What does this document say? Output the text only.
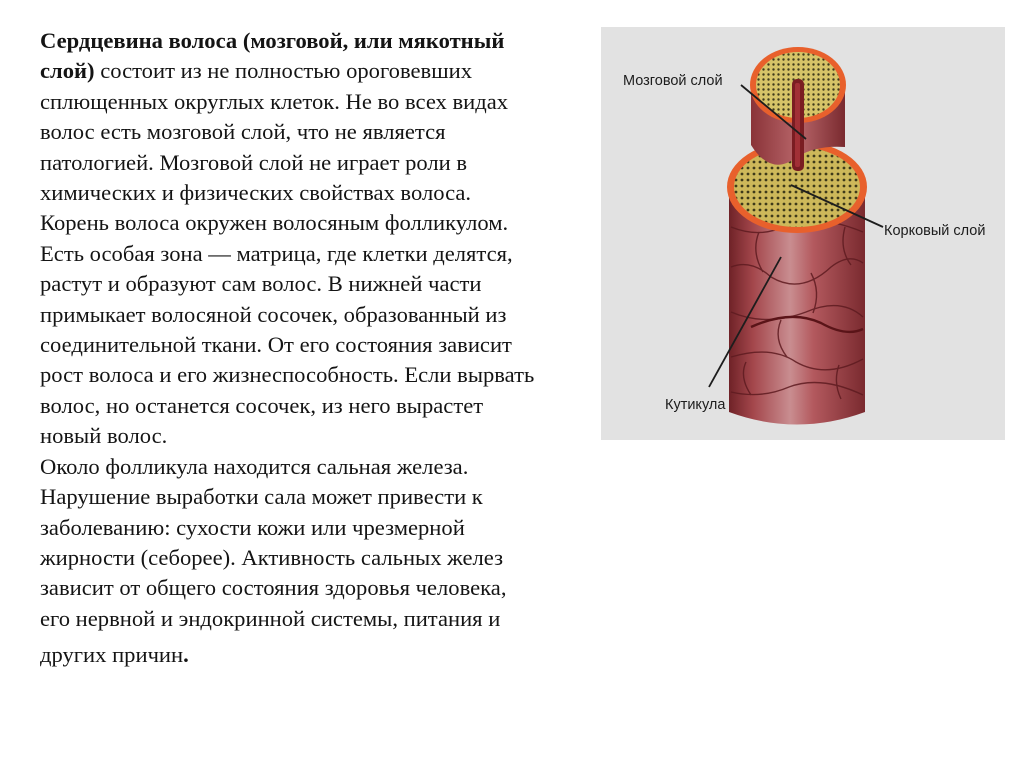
Сердцевина волоса (мозговой, или мякотный
слой) состоит из не полностью ороговевших
сплющенных округлых клеток. Не во всех видах
волос есть мозговой слой, что не является
патологией. Мозговой слой не играет роли в
химических и физических свойствах волоса.
Корень волоса окружен волосяным фолликулом.
Есть особая зона — матрица, где клетки делятся,
растут и образуют сам волос. В нижней части
примыкает волосяной сосочек, образованный из
соединительной ткани. От его состояния зависит
рост волоса и его жизнеспособность. Если вырвать
волос, но останется сосочек, из него вырастет
новый волос.
Около фолликула находится сальная железа.
Нарушение выработки сала может привести к
заболеванию: сухости кожи или чрезмерной
жирности (себорее). Активность сальных желез
зависит от общего состояния здоровья человека,
его нервной и эндокринной системы, питания и
других причин.
Мозговой слой
Корковый слой
Кутикула
